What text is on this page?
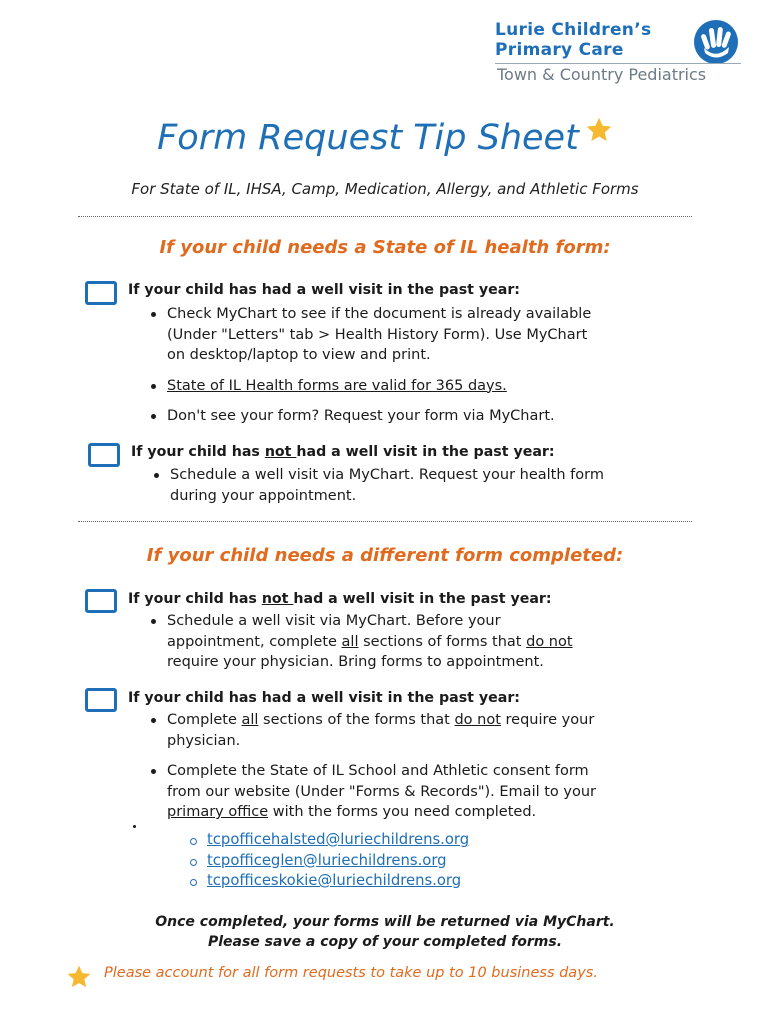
Lurie Children’s
Primary Care
Town & Country Pediatrics
Form Request Tip Sheet
For State of IL, IHSA, Camp, Medication, Allergy, and Athletic Forms
If your child needs a State of IL health form:
If your child has had a well visit in the past year:
Check MyChart to see if the document is already available
(Under "Letters" tab > Health History Form). Use MyChart
on desktop/laptop to view and print.
State of IL Health forms are valid for 365 days.
Don't see your form? Request your form via MyChart.
If your child has not had a well visit in the past year:
Schedule a well visit via MyChart. Request your health form
during your appointment.
If your child needs a different form completed:
If your child has not had a well visit in the past year:
Schedule a well visit via MyChart. Before your
appointment, complete all sections of forms that do not
require your physician. Bring forms to appointment.
If your child has had a well visit in the past year:
Complete all sections of the forms that do not require your
physician.
Complete the State of IL School and Athletic consent form
from our website (Under "Forms & Records"). Email to your
primary office with the forms you need completed.
tcpofficehalsted@luriechildrens.org
tcpofficeglen@luriechildrens.org
tcpofficeskokie@luriechildrens.org
Once completed, your forms will be returned via MyChart.
Please save a copy of your completed forms.
Please account for all form requests to take up to 10 business days.
